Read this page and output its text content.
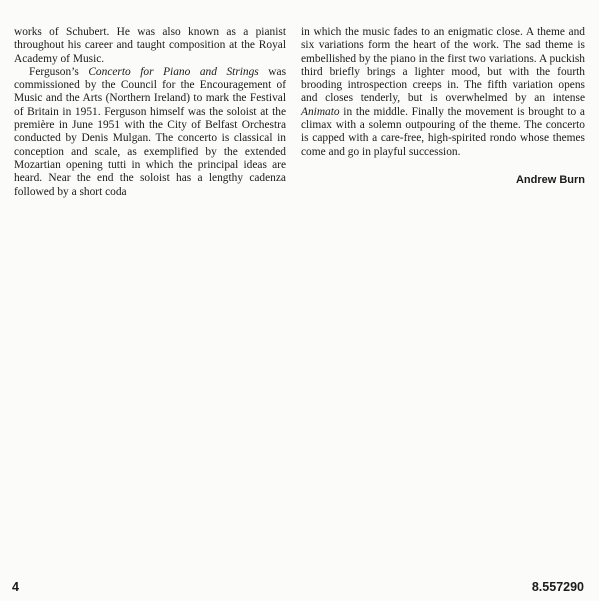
works of Schubert. He was also known as a pianist throughout his career and taught composition at the Royal Academy of Music.

Ferguson’s Concerto for Piano and Strings was commissioned by the Council for the Encouragement of Music and the Arts (Northern Ireland) to mark the Festival of Britain in 1951. Ferguson himself was the soloist at the première in June 1951 with the City of Belfast Orchestra conducted by Denis Mulgan. The concerto is classical in conception and scale, as exemplified by the extended Mozartian opening tutti in which the principal ideas are heard. Near the end the soloist has a lengthy cadenza followed by a short coda

in which the music fades to an enigmatic close. A theme and six variations form the heart of the work. The sad theme is embellished by the piano in the first two variations. A puckish third briefly brings a lighter mood, but with the fourth brooding introspection creeps in. The fifth variation opens and closes tenderly, but is overwhelmed by an intense Animato in the middle. Finally the movement is brought to a climax with a solemn outpouring of the theme. The concerto is capped with a care-free, high-spirited rondo whose themes come and go in playful succession.

Andrew Burn

4	8.557290
